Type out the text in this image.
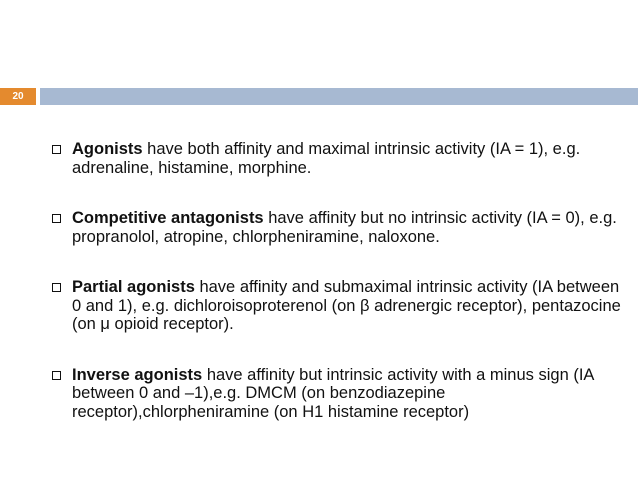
20
Agonists have both affinity and maximal intrinsic activity (IA = 1), e.g. adrenaline, histamine, morphine.
Competitive antagonists have affinity but no intrinsic activity (IA = 0), e.g. propranolol, atropine, chlorpheniramine, naloxone.
Partial agonists have affinity and submaximal intrinsic activity (IA between 0 and 1), e.g. dichloroisoproterenol (on β adrenergic receptor), pentazocine (on μ opioid receptor).
Inverse agonists have affinity but intrinsic activity with a minus sign (IA between 0 and –1),e.g. DMCM (on benzodiazepine receptor),chlorpheniramine (on H1 histamine receptor)
